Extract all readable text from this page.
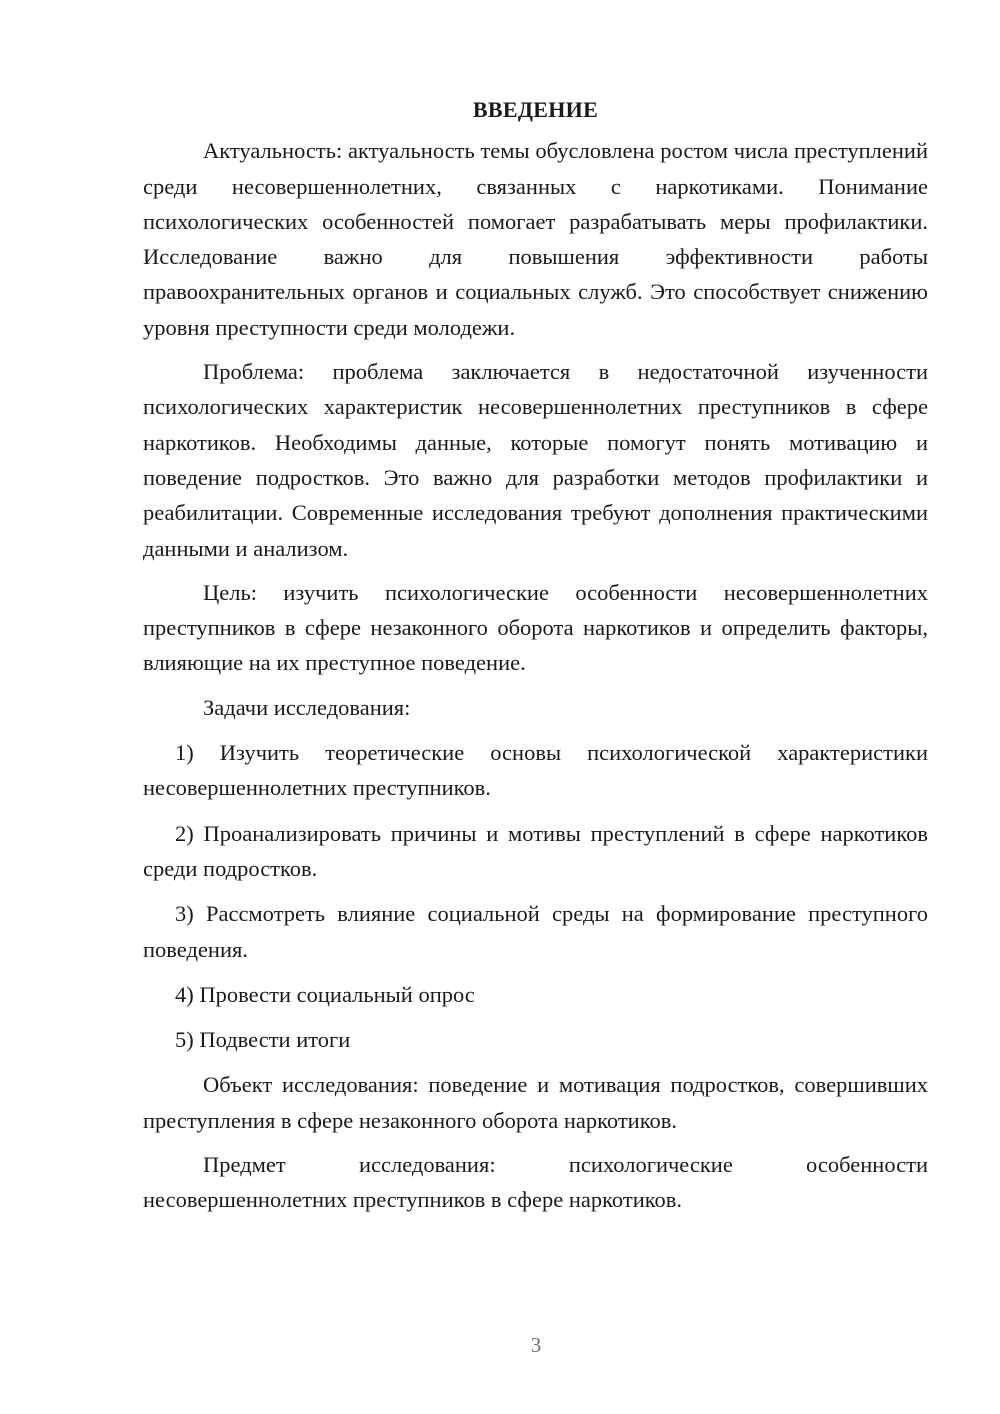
ВВЕДЕНИЕ

Актуальность: актуальность темы обусловлена ростом числа преступлений среди несовершеннолетних, связанных с наркотиками. Понимание психологических особенностей помогает разрабатывать меры профилактики. Исследование важно для повышения эффективности работы правоохранительных органов и социальных служб. Это способствует снижению уровня преступности среди молодежи.

Проблема: проблема заключается в недостаточной изученности психологических характеристик несовершеннолетних преступников в сфере наркотиков. Необходимы данные, которые помогут понять мотивацию и поведение подростков. Это важно для разработки методов профилактики и реабилитации. Современные исследования требуют дополнения практическими данными и анализом.

Цель: изучить психологические особенности несовершеннолетних преступников в сфере незаконного оборота наркотиков и определить факторы, влияющие на их преступное поведение.

Задачи исследования:

1) Изучить теоретические основы психологической характеристики несовершеннолетних преступников.

2) Проанализировать причины и мотивы преступлений в сфере наркотиков среди подростков.

3) Рассмотреть влияние социальной среды на формирование преступного поведения.

4) Провести социальный опрос

5) Подвести итоги

Объект исследования: поведение и мотивация подростков, совершивших преступления в сфере незаконного оборота наркотиков.

Предмет исследования: психологические особенности несовершеннолетних преступников в сфере наркотиков.

3
